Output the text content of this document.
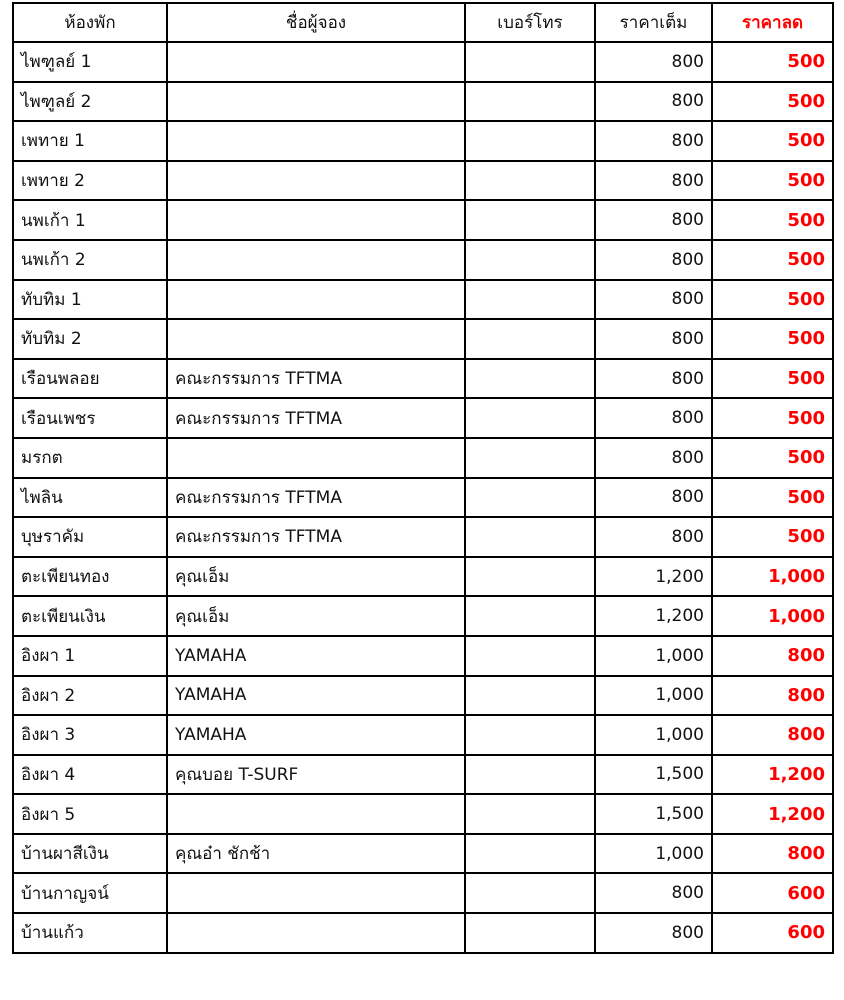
ห้องพัก	ชื่อผู้จอง	เบอร์โทร	ราคาเต็ม	ราคาลด
ไพฑูลย์ 1			800	500
ไพฑูลย์ 2			800	500
เพทาย 1			800	500
เพทาย 2			800	500
นพเก้า 1			800	500
นพเก้า 2			800	500
ทับทิม 1			800	500
ทับทิม 2			800	500
เรือนพลอย	คณะกรรมการ TFTMA		800	500
เรือนเพชร	คณะกรรมการ TFTMA		800	500
มรกต			800	500
ไพลิน	คณะกรรมการ TFTMA		800	500
บุษราคัม	คณะกรรมการ TFTMA		800	500
ตะเพียนทอง	คุณเอ็ม		1,200	1,000
ตะเพียนเงิน	คุณเอ็ม		1,200	1,000
อิงผา 1	YAMAHA		1,000	800
อิงผา 2	YAMAHA		1,000	800
อิงผา 3	YAMAHA		1,000	800
อิงผา 4	คุณบอย T-SURF		1,500	1,200
อิงผา 5			1,500	1,200
บ้านผาสีเงิน	คุณอ๋า ชักช้า		1,000	800
บ้านกาญจน์			800	600
บ้านแก้ว			800	600
